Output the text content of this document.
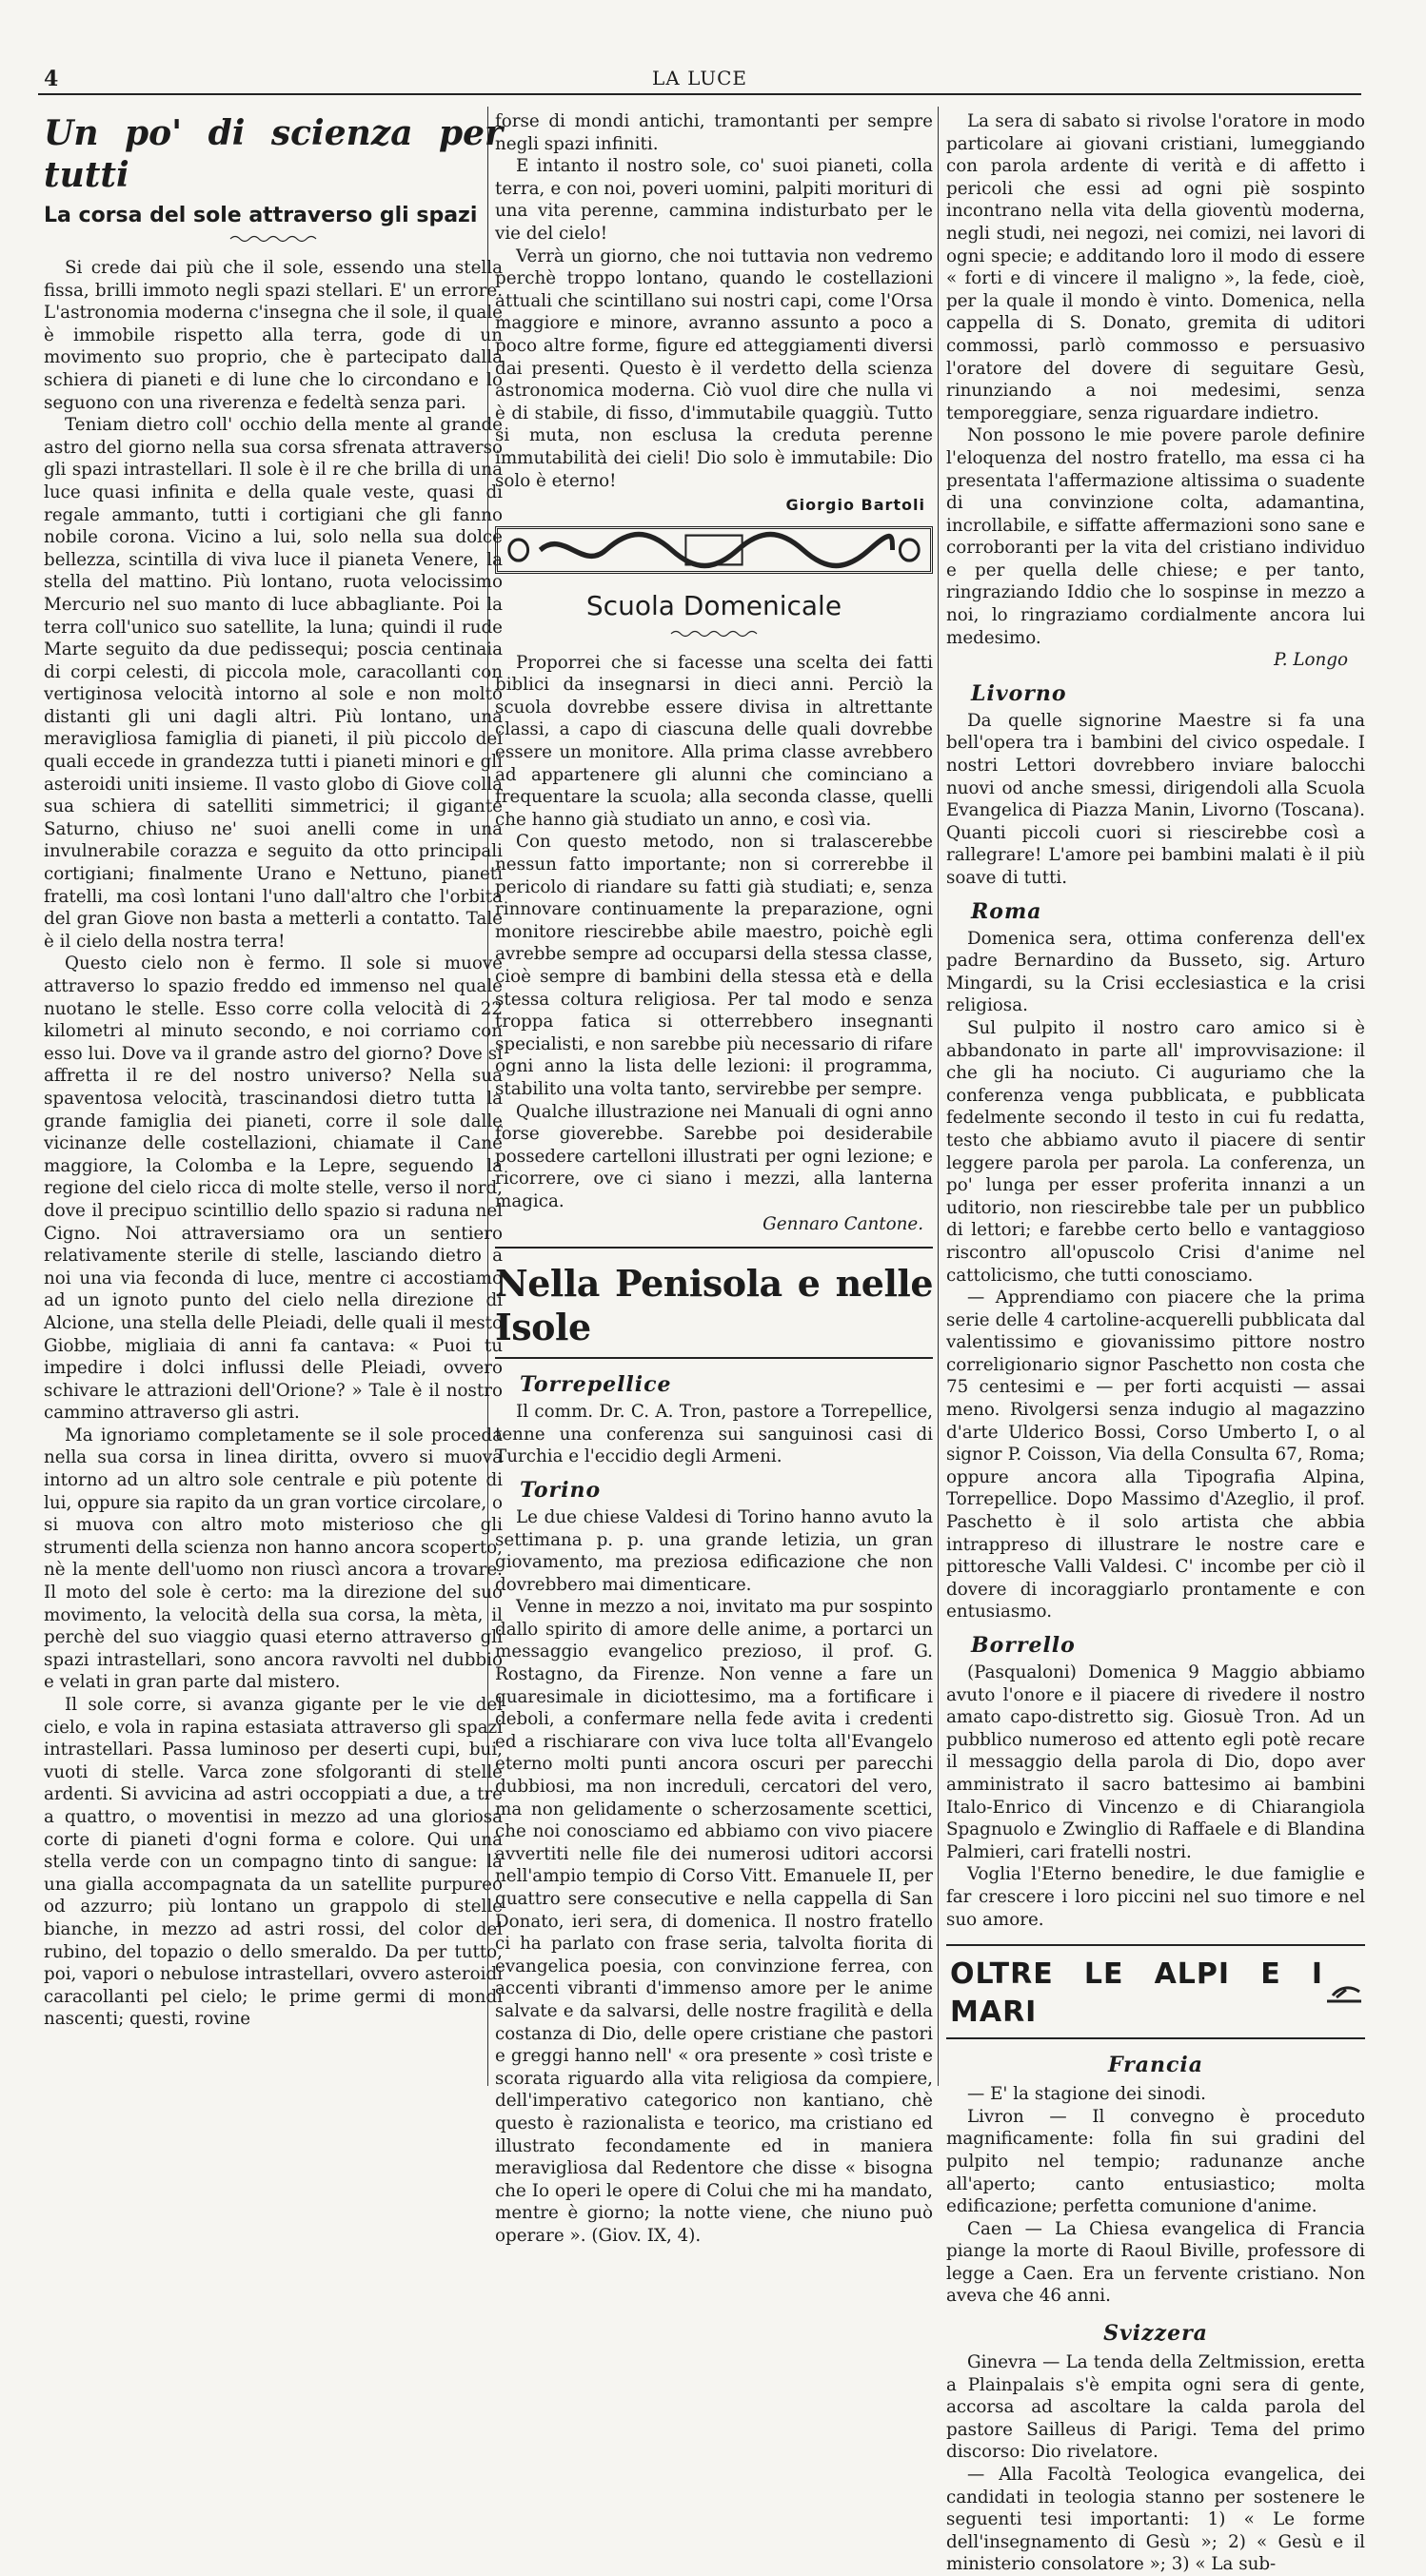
4	LA LUCE
Un po' di scienza per tutti
La corsa del sole attraverso gli spazi

Si crede dai più che il sole, essendo una stella fissa, brilli immoto negli spazi stellari. E' un errore. L'astronomia moderna c'insegna che il sole, il quale è immobile rispetto alla terra, gode di un movimento suo proprio, che è partecipato dalla schiera di pianeti e di lune che lo circondano e lo seguono con una riverenza e fedeltà senza pari.

Teniam dietro coll' occhio della mente al grande astro del giorno nella sua corsa sfrenata attraverso gli spazi intrastellari. Il sole è il re che brilla di una luce quasi infinita e della quale veste, quasi di regale ammanto, tutti i cortigiani che gli fanno nobile corona. Vicino a lui, solo nella sua dolce bellezza, scintilla di viva luce il pianeta Venere, la stella del mattino. Più lontano, ruota velocissimo Mercurio nel suo manto di luce abbagliante. Poi la terra coll'unico suo satellite, la luna; quindi il rude Marte seguito da due pedissequi; poscia centinaia di corpi celesti, di piccola mole, caracollanti con vertiginosa velocità intorno al sole e non molto distanti gli uni dagli altri. Più lontano, una meravigliosa famiglia di pianeti, il più piccolo dei quali eccede in grandezza tutti i pianeti minori e gli asteroidi uniti insieme. Il vasto globo di Giove colla sua schiera di satelliti simmetrici; il gigante Saturno, chiuso ne' suoi anelli come in una invulnerabile corazza e seguito da otto principali cortigiani; finalmente Urano e Nettuno, pianeti fratelli, ma così lontani l'uno dall'altro che l'orbita del gran Giove non basta a metterli a contatto. Tale è il cielo della nostra terra!

Questo cielo non è fermo. Il sole si muove attraverso lo spazio freddo ed immenso nel quale nuotano le stelle. Esso corre colla velocità di 22 kilometri al minuto secondo, e noi corriamo con esso lui. Dove va il grande astro del giorno? Dove si affretta il re del nostro universo? Nella sua spaventosa velocità, trascinandosi dietro tutta la grande famiglia dei pianeti, corre il sole dalle vicinanze delle costellazioni, chiamate il Cane maggiore, la Colomba e la Lepre, seguendo la regione del cielo ricca di molte stelle, verso il nord, dove il precipuo scintillio dello spazio si raduna nel Cigno. Noi attraversiamo ora un sentiero relativamente sterile di stelle, lasciando dietro a noi una via feconda di luce, mentre ci accostiamo ad un ignoto punto del cielo nella direzione di Alcione, una stella delle Pleiadi, delle quali il mesto Giobbe, migliaia di anni fa cantava: « Puoi tu impedire i dolci influssi delle Pleiadi, ovvero schivare le attrazioni dell'Orione? » Tale è il nostro cammino attraverso gli astri.

Ma ignoriamo completamente se il sole proceda nella sua corsa in linea diritta, ovvero si muova intorno ad un altro sole centrale e più potente di lui, oppure sia rapito da un gran vortice circolare, o si muova con altro moto misterioso che gli strumenti della scienza non hanno ancora scoperto, nè la mente dell'uomo non riuscì ancora a trovare. Il moto del sole è certo: ma la direzione del suo movimento, la velocità della sua corsa, la mèta, il perchè del suo viaggio quasi eterno attraverso gli spazi intrastellari, sono ancora ravvolti nel dubbio e velati in gran parte dal mistero.

Il sole corre, si avanza gigante per le vie del cielo, e vola in rapina estasiata attraverso gli spazi intrastellari. Passa luminoso per deserti cupi, bui, vuoti di stelle. Varca zone sfolgoranti di stelle ardenti. Si avvicina ad astri occoppiati a due, a tre a quattro, o moventisi in mezzo ad una gloriosa corte di pianeti d'ogni forma e colore. Qui una stella verde con un compagno tinto di sangue: là una gialla accompagnata da un satellite purpureo od azzurro; più lontano un grappolo di stelle bianche, in mezzo ad astri rossi, del color del rubino, del topazio o dello smeraldo. Da per tutto, poi, vapori o nebulose intrastellari, ovvero asteroidi caracollanti pel cielo; le prime germi di mondi nascenti; questi, rovine

forse di mondi antichi, tramontanti per sempre negli spazi infiniti.

E intanto il nostro sole, co' suoi pianeti, colla terra, e con noi, poveri uomini, palpiti morituri di una vita perenne, cammina indisturbato per le vie del cielo!

Verrà un giorno, che noi tuttavia non vedremo perchè troppo lontano, quando le costellazioni attuali che scintillano sui nostri capi, come l'Orsa maggiore e minore, avranno assunto a poco a poco altre forme, figure ed atteggiamenti diversi dai presenti. Questo è il verdetto della scienza astronomica moderna. Ciò vuol dire che nulla vi è di stabile, di fisso, d'immutabile quaggiù. Tutto si muta, non esclusa la creduta perenne immutabilità dei cieli! Dio solo è immutabile: Dio solo è eterno!

Giorgio Bartoli
Scuola Domenicale

Proporrei che si facesse una scelta dei fatti biblici da insegnarsi in dieci anni. Perciò la scuola dovrebbe essere divisa in altrettante classi, a capo di ciascuna delle quali dovrebbe essere un monitore. Alla prima classe avrebbero ad appartenere gli alunni che cominciano a frequentare la scuola; alla seconda classe, quelli che hanno già studiato un anno, e così via.

Con questo metodo, non si tralascerebbe nessun fatto importante; non si correrebbe il pericolo di riandare su fatti già studiati; e, senza rinnovare continuamente la preparazione, ogni monitore riescirebbe abile maestro, poichè egli avrebbe sempre ad occuparsi della stessa classe, cioè sempre di bambini della stessa età e della stessa coltura religiosa. Per tal modo e senza troppa fatica si otterrebbero insegnanti specialisti, e non sarebbe più necessario di rifare ogni anno la lista delle lezioni: il programma, stabilito una volta tanto, servirebbe per sempre.

Qualche illustrazione nei Manuali di ogni anno forse gioverebbe. Sarebbe poi desiderabile possedere cartelloni illustrati per ogni lezione; e ricorrere, ove ci siano i mezzi, alla lanterna magica.

Gennaro Cantone.
Nella Penisola e nelle Isole
Torrepellice

Il comm. Dr. C. A. Tron, pastore a Torrepellice, tenne una conferenza sui sanguinosi casi di Turchia e l'eccidio degli Armeni.

Torino

Le due chiese Valdesi di Torino hanno avuto la settimana p. p. una grande letizia, un gran giovamento, ma preziosa edificazione che non dovrebbero mai dimenticare.

Venne in mezzo a noi, invitato ma pur sospinto dallo spirito di amore delle anime, a portarci un messaggio evangelico prezioso, il prof. G. Rostagno, da Firenze. Non venne a fare un quaresimale in diciottesimo, ma a fortificare i deboli, a confermare nella fede avita i credenti ed a rischiarare con viva luce tolta all'Evangelo eterno molti punti ancora oscuri per parecchi dubbiosi, ma non increduli, cercatori del vero, ma non gelidamente o scherzosamente scettici, che noi conosciamo ed abbiamo con vivo piacere avvertiti nelle file dei numerosi uditori accorsi nell'ampio tempio di Corso Vitt. Emanuele II, per quattro sere consecutive e nella cappella di San Donato, ieri sera, di domenica. Il nostro fratello ci ha parlato con frase seria, talvolta fiorita di evangelica poesia, con convinzione ferrea, con accenti vibranti d'immenso amore per le anime salvate e da salvarsi, delle nostre fragilità e della costanza di Dio, delle opere cristiane che pastori e greggi hanno nell' « ora presente » così triste e scorata riguardo alla vita religiosa da compiere, dell'imperativo categorico non kantiano, chè questo è razionalista e teorico, ma cristiano ed illustrato fecondamente ed in maniera meravigliosa dal Redentore che disse « bisogna che Io operi le opere di Colui che mi ha mandato, mentre è giorno; la notte viene, che niuno può operare ». (Giov. IX, 4).

La sera di sabato si rivolse l'oratore in modo particolare ai giovani cristiani, lumeggiando con parola ardente di verità e di affetto i pericoli che essi ad ogni piè sospinto incontrano nella vita della gioventù moderna, negli studi, nei negozi, nei comizi, nei lavori di ogni specie; e additando loro il modo di essere « forti e di vincere il maligno », la fede, cioè, per la quale il mondo è vinto. Domenica, nella cappella di S. Donato, gremita di uditori commossi, parlò commosso e persuasivo l'oratore del dovere di seguitare Gesù, rinunziando a noi medesimi, senza temporeggiare, senza riguardare indietro.

Non possono le mie povere parole definire l'eloquenza del nostro fratello, ma essa ci ha presentata l'affermazione altissima o suadente di una convinzione colta, adamantina, incrollabile, e siffatte affermazioni sono sane e corroboranti per la vita del cristiano individuo e per quella delle chiese; e per tanto, ringraziando Iddio che lo sospinse in mezzo a noi, lo ringraziamo cordialmente ancora lui medesimo.

P. Longo
Livorno

Da quelle signorine Maestre si fa una bell'opera tra i bambini del civico ospedale. I nostri Lettori dovrebbero inviare balocchi nuovi od anche smessi, dirigendoli alla Scuola Evangelica di Piazza Manin, Livorno (Toscana). Quanti piccoli cuori si riescirebbe così a rallegrare! L'amore pei bambini malati è il più soave di tutti.

Roma

Domenica sera, ottima conferenza dell'ex padre Bernardino da Busseto, sig. Arturo Mingardi, su la Crisi ecclesiastica e la crisi religiosa.

Sul pulpito il nostro caro amico si è abbandonato in parte all' improvvisazione: il che gli ha nociuto. Ci auguriamo che la conferenza venga pubblicata, e pubblicata fedelmente secondo il testo in cui fu redatta, testo che abbiamo avuto il piacere di sentir leggere parola per parola. La conferenza, un po' lunga per esser proferita innanzi a un uditorio, non riescirebbe tale per un pubblico di lettori; e farebbe certo bello e vantaggioso riscontro all'opuscolo Crisi d'anime nel cattolicismo, che tutti conosciamo.

— Apprendiamo con piacere che la prima serie delle 4 cartoline-acquerelli pubblicata dal valentissimo e giovanissimo pittore nostro correligionario signor Paschetto non costa che 75 centesimi e — per forti acquisti — assai meno. Rivolgersi senza indugio al magazzino d'arte Ulderico Bossi, Corso Umberto I, o al signor P. Coisson, Via della Consulta 67, Roma; oppure ancora alla Tipografia Alpina, Torrepellice. Dopo Massimo d'Azeglio, il prof. Paschetto è il solo artista che abbia intrappreso di illustrare le nostre care e pittoresche Valli Valdesi. C' incombe per ciò il dovere di incoraggiarlo prontamente e con entusiasmo.

Borrello

(Pasqualoni) Domenica 9 Maggio abbiamo avuto l'onore e il piacere di rivedere il nostro amato capo-distretto sig. Giosuè Tron. Ad un pubblico numeroso ed attento egli potè recare il messaggio della parola di Dio, dopo aver amministrato il sacro battesimo ai bambini Italo-Enrico di Vincenzo e di Chiarangiola Spagnuolo e Zwinglio di Raffaele e di Blandina Palmieri, cari fratelli nostri.

Voglia l'Eterno benedire, le due famiglie e far crescere i loro piccini nel suo timore e nel suo amore.

OLTRE LE ALPI E I MARI
Francia

— E' la stagione dei sinodi.

Livron — Il convegno è proceduto magnificamente: folla fin sui gradini del pulpito nel tempio; radunanze anche all'aperto; canto entusiastico; molta edificazione; perfetta comunione d'anime.

Caen — La Chiesa evangelica di Francia piange la morte di Raoul Biville, professore di legge a Caen. Era un fervente cristiano. Non aveva che 46 anni.

Svizzera

Ginevra — La tenda della Zeltmission, eretta a Plainpalais s'è empita ogni sera di gente, accorsa ad ascoltare la calda parola del pastore Sailleus di Parigi. Tema del primo discorso: Dio rivelatore.

— Alla Facoltà Teologica evangelica, dei candidati in teologia stanno per sostenere le seguenti tesi importanti: 1) « Le forme dell'insegnamento di Gesù »; 2) « Gesù e il ministerio consolatore »; 3) « La sub-
